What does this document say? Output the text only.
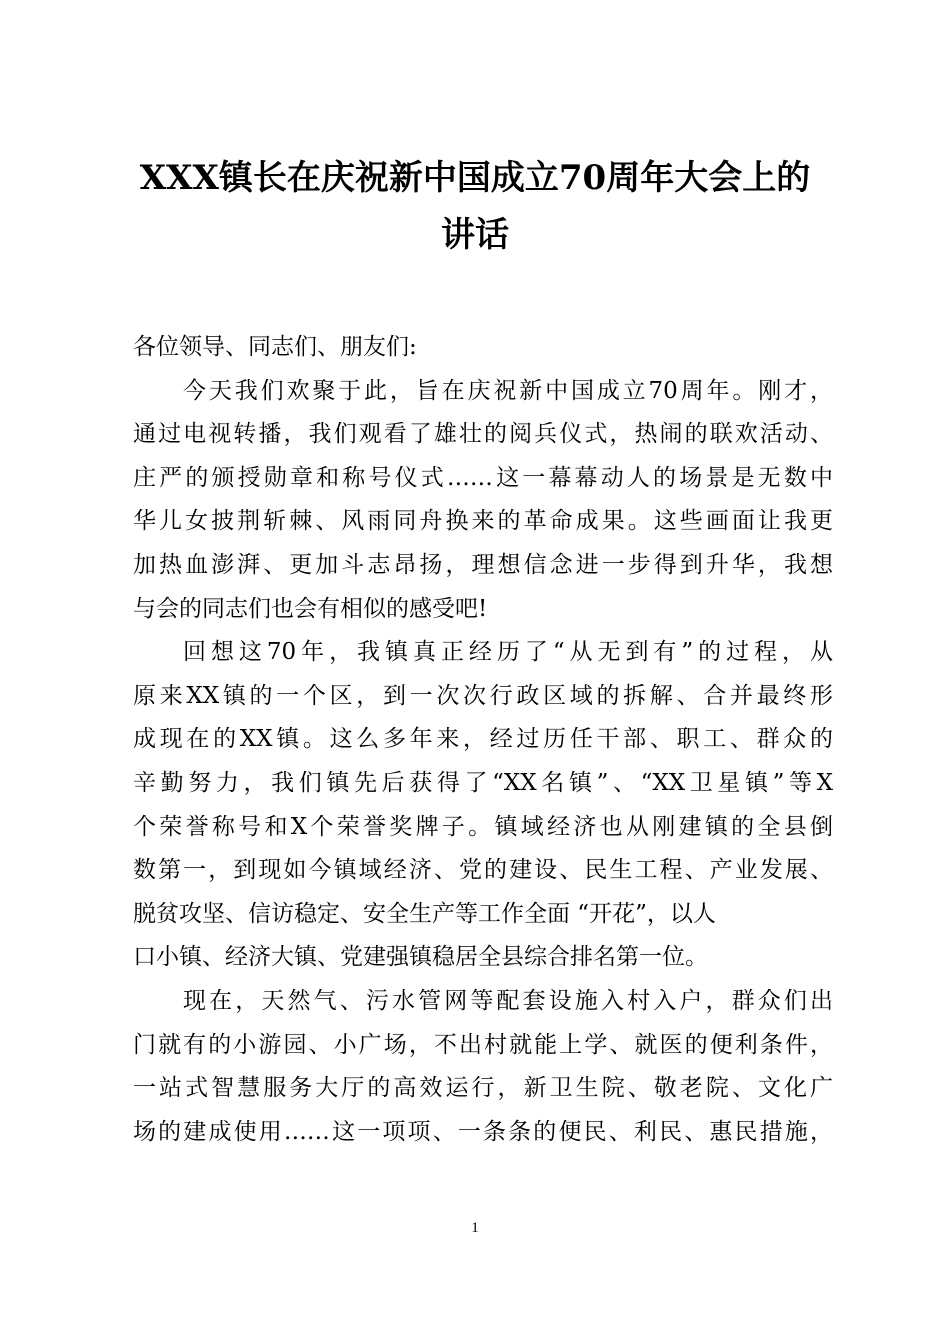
XXX镇长在庆祝新中国成立70周年大会上的
讲话

各位领导、同志们、朋友们:

今天我们欢聚于此，旨在庆祝新中国成立70周年。刚才，
通过电视转播，我们观看了雄壮的阅兵仪式，热闹的联欢活动、
庄严的颁授勋章和称号仪式……这一幕幕动人的场景是无数中
华儿女披荆斩棘、风雨同舟换来的革命成果。这些画面让我更
加热血澎湃、更加斗志昂扬，理想信念进一步得到升华，我想
与会的同志们也会有相似的感受吧!

回想这70年，我镇真正经历了“从无到有”的过程，从
原来XX镇的一个区，到一次次行政区域的拆解、合并最终形
成现在的XX镇。这么多年来，经过历任干部、职工、群众的
辛勤努力，我们镇先后获得了“XX名镇”、“XX卫星镇”等X
个荣誉称号和X个荣誉奖牌子。镇域经济也从刚建镇的全县倒
数第一，到现如今镇域经济、党的建设、民生工程、产业发展、
脱贫攻坚、信访稳定、安全生产等工作全面 “开花”，以人
口小镇、经济大镇、党建强镇稳居全县综合排名第一位。

现在，天然气、污水管网等配套设施入村入户，群众们出
门就有的小游园、小广场，不出村就能上学、就医的便利条件，
一站式智慧服务大厅的高效运行，新卫生院、敬老院、文化广
场的建成使用……这一项项、一条条的便民、利民、惠民措施，

1
